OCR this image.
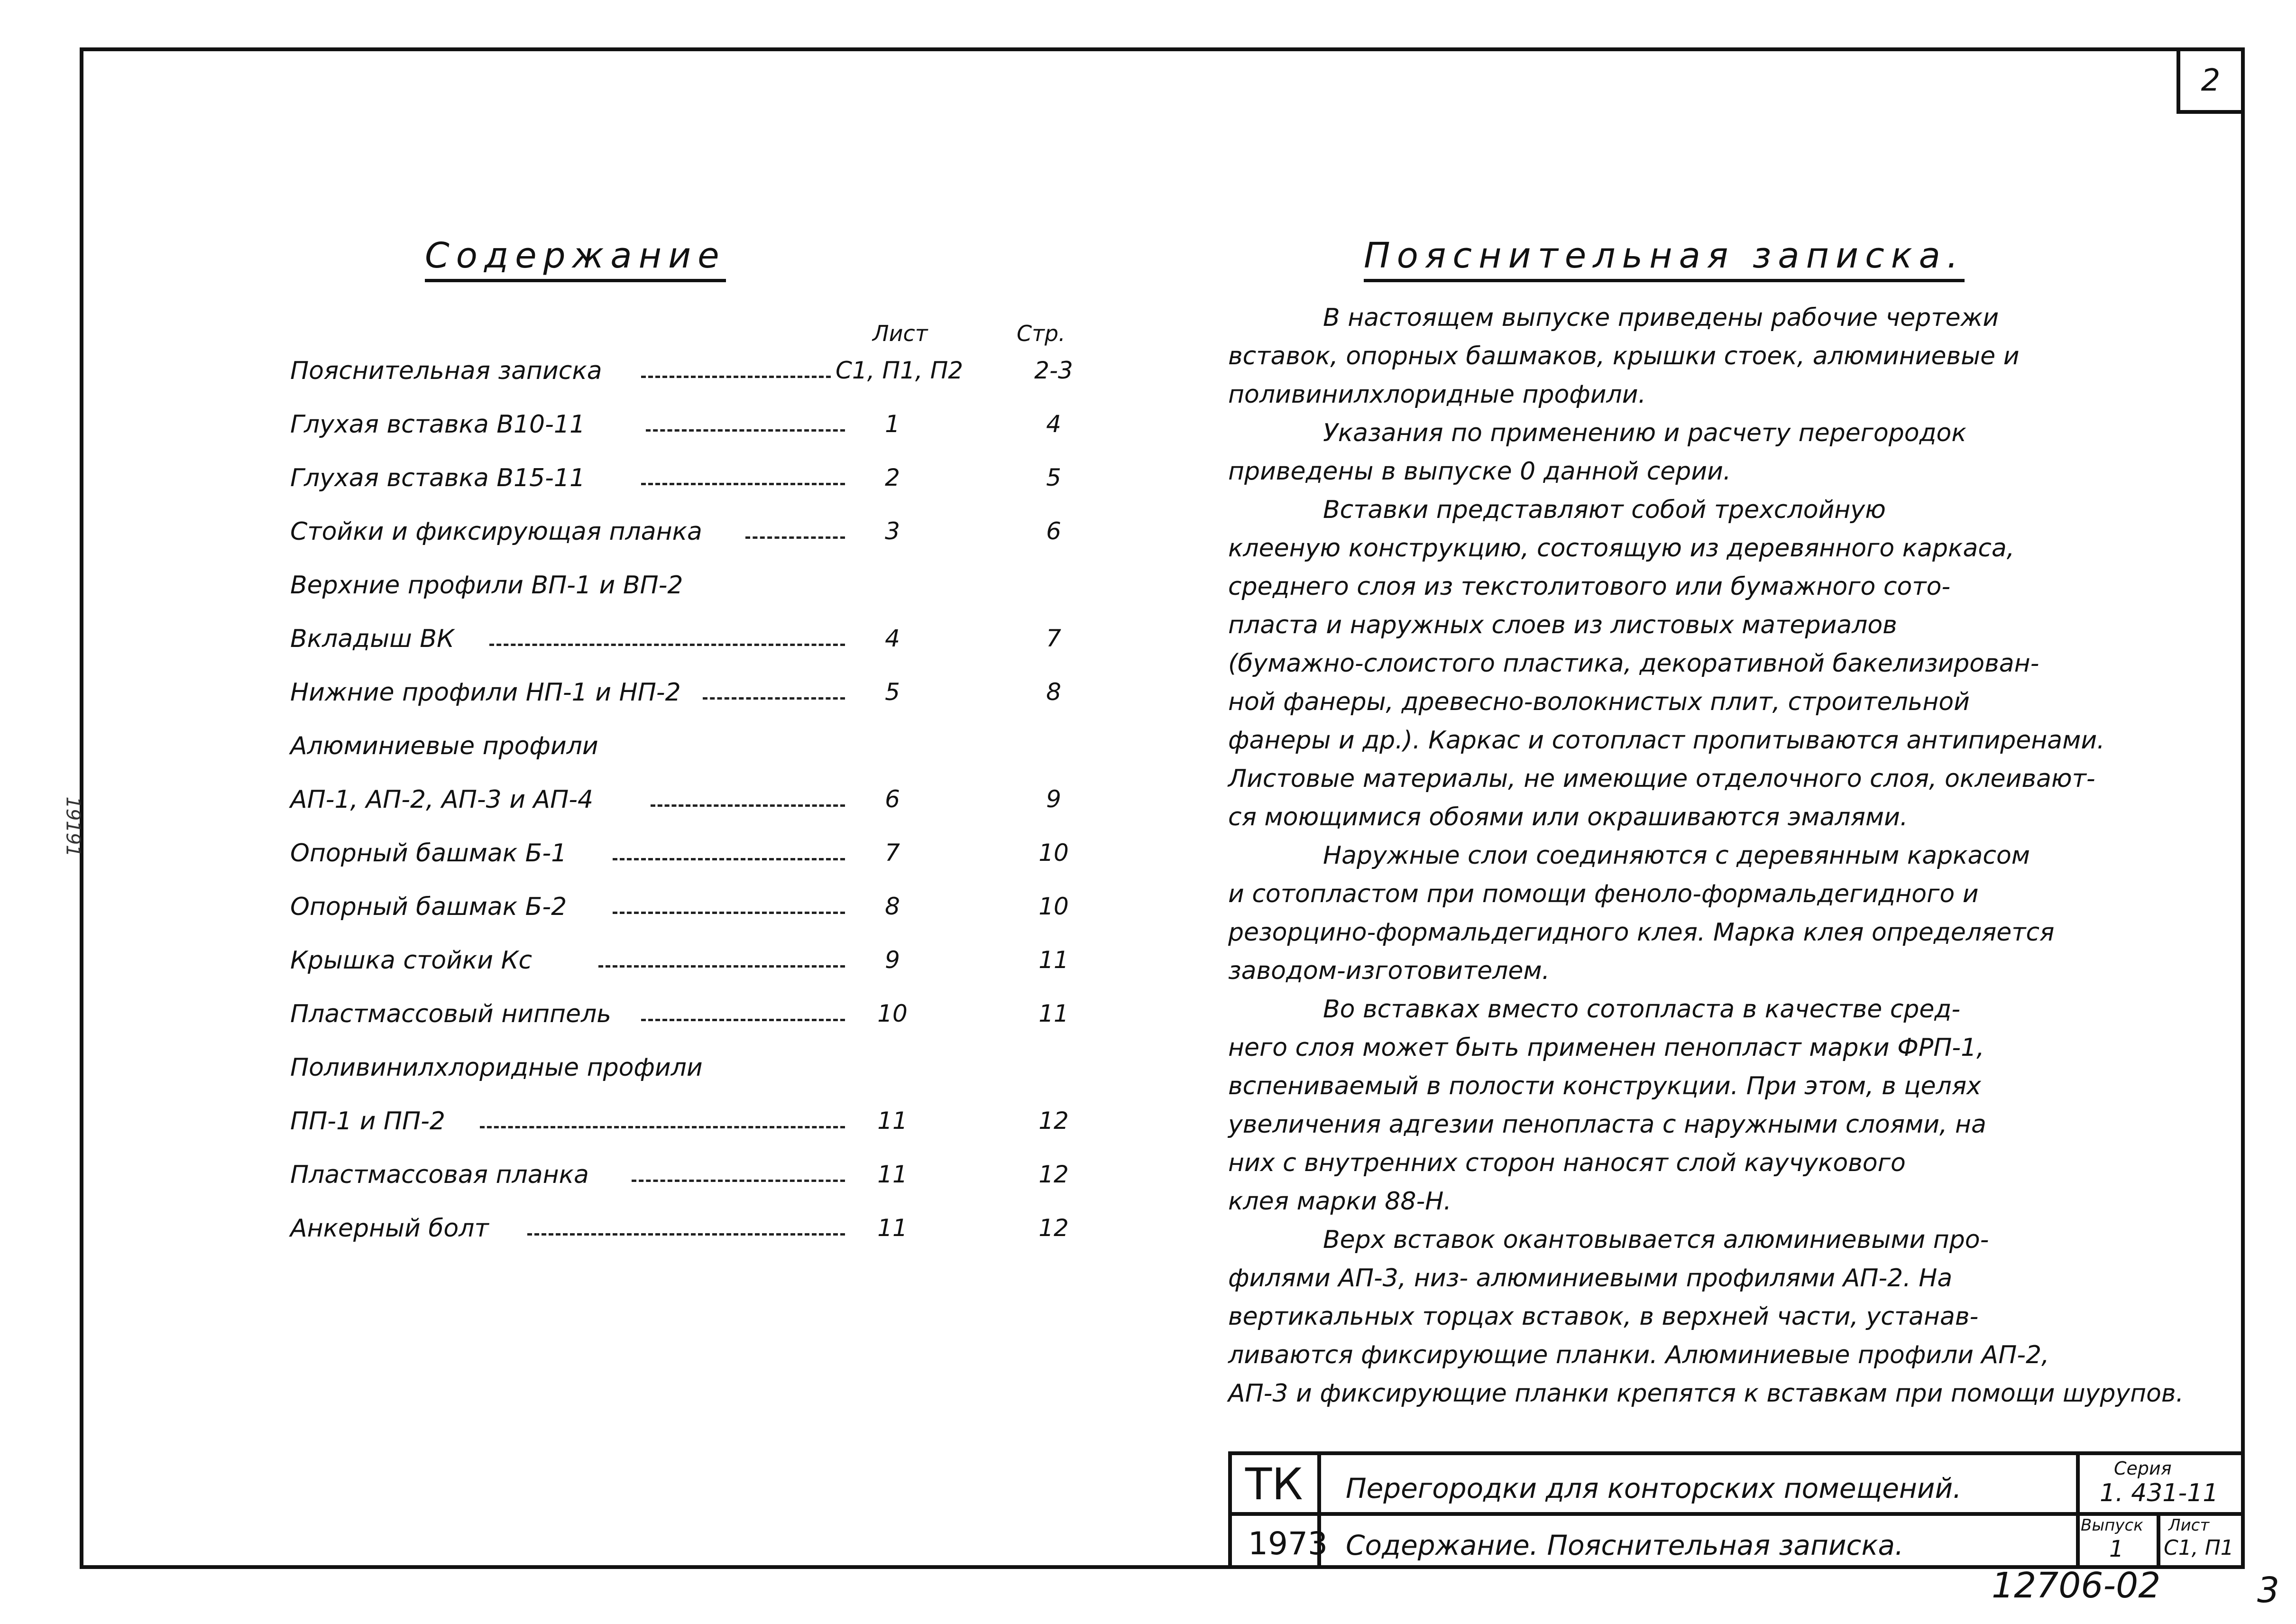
2
19191
Содержание
Лист	Стр.
Пояснительная записка	С1, П1, П2	2-3
Глухая вставка В10-11	1	4
Глухая вставка В15-11	2	5
Стойки и фиксирующая планка	3	6
Верхние профили ВП-1 и ВП-2
Вкладыш ВК	4	7
Нижние профили НП-1 и НП-2	5	8
Алюминиевые профили
АП-1, АП-2, АП-3 и АП-4	6	9
Опорный башмак Б-1	7	10
Опорный башмак Б-2	8	10
Крышка стойки Кс	9	11
Пластмассовый ниппель	10	11
Поливинилхлоридные профили
ПП-1 и ПП-2	11	12
Пластмассовая планка	11	12
Анкерный болт	11	12
Пояснительная записка.
В настоящем выпуске приведены рабочие чертежи
вставок, опорных башмаков, крышки стоек, алюминиевые и
поливинилхлоридные профили.
Указания по применению и расчету перегородок
приведены в выпуске 0 данной серии.
Вставки представляют собой трехслойную
клееную конструкцию, состоящую из деревянного каркаса,
среднего слоя из текстолитового или бумажного сото-
пласта и наружных слоев из листовых материалов
(бумажно-слоистого пластика, декоративной бакелизирован-
ной фанеры, древесно-волокнистых плит, строительной
фанеры и др.). Каркас и сотопласт пропитываются антипиренами.
Листовые материалы, не имеющие отделочного слоя, оклеивают-
ся моющимися обоями или окрашиваются эмалями.
Наружные слои соединяются с деревянным каркасом
и сотопластом при помощи феноло-формальдегидного и
резорцино-формальдегидного клея. Марка клея определяется
заводом-изготовителем.
Во вставках вместо сотопласта в качестве сред-
него слоя может быть применен пенопласт марки ФРП-1,
вспениваемый в полости конструкции. При этом, в целях
увеличения адгезии пенопласта с наружными слоями, на
них с внутренних сторон наносят слой каучукового
клея марки 88-Н.
Верх вставок окантовывается алюминиевыми про-
филями АП-3, низ- алюминиевыми профилями АП-2. На
вертикальных торцах вставок, в верхней части, устанав-
ливаются фиксирующие планки. Алюминиевые профили АП-2,
АП-3 и фиксирующие планки крепятся к вставкам при помощи шурупов.
ТК
1973
Перегородки для конторских помещений.
Содержание. Пояснительная записка.
Серия
1. 431-11
Выпуск
1
Лист
С1, П1
12706-02	3
